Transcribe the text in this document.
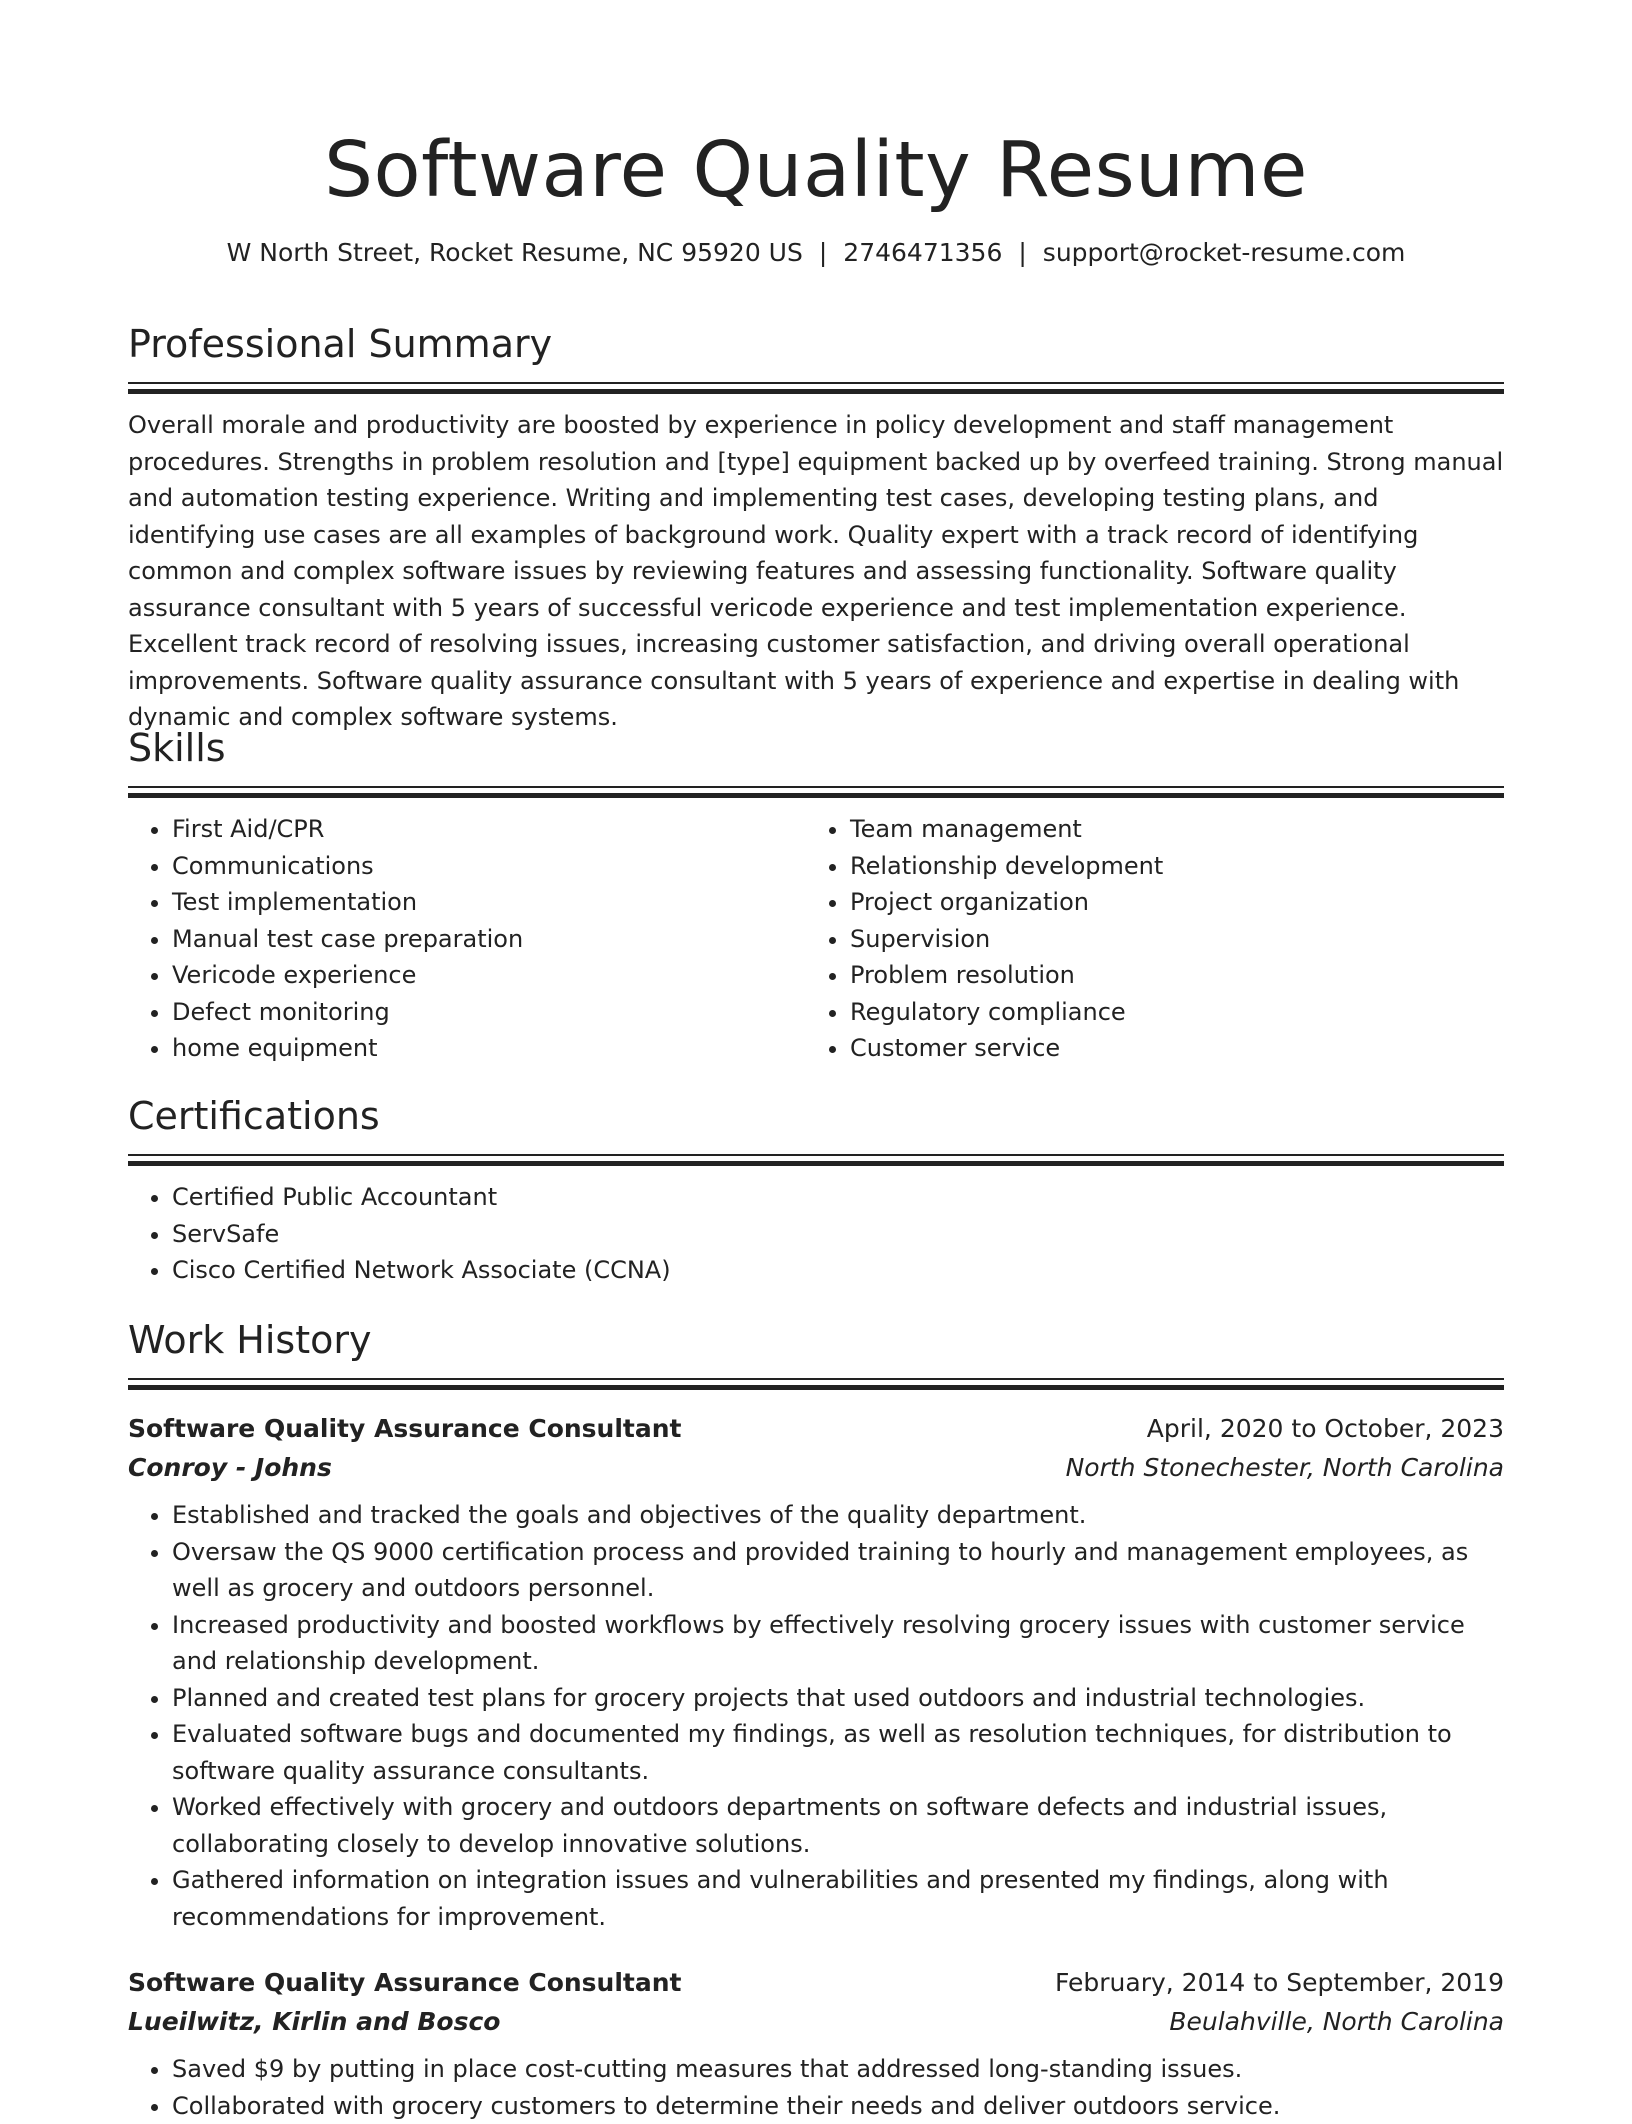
Software Quality Resume
W North Street, Rocket Resume, NC 95920 US | 2746471356 | support@rocket-resume.com
Professional Summary

Overall morale and productivity are boosted by experience in policy development and staff management procedures. Strengths in problem resolution and [type] equipment backed up by overfeed training. Strong manual and automation testing experience. Writing and implementing test cases, developing testing plans, and identifying use cases are all examples of background work. Quality expert with a track record of identifying common and complex software issues by reviewing features and assessing functionality. Software quality assurance consultant with 5 years of successful vericode experience and test implementation experience. Excellent track record of resolving issues, increasing customer satisfaction, and driving overall operational improvements. Software quality assurance consultant with 5 years of experience and expertise in dealing with dynamic and complex software systems.

Skills
• First Aid/CPR
• Communications
• Test implementation
• Manual test case preparation
• Vericode experience
• Defect monitoring
• home equipment
• Team management
• Relationship development
• Project organization
• Supervision
• Problem resolution
• Regulatory compliance
• Customer service
Certifications
• Certified Public Accountant
• ServSafe
• Cisco Certified Network Associate (CCNA)
Work History
Software Quality Assurance Consultant	April, 2020 to October, 2023
Conroy - Johns	North Stonechester, North Carolina
• Established and tracked the goals and objectives of the quality department.
• Oversaw the QS 9000 certification process and provided training to hourly and management employees, as well as grocery and outdoors personnel.
• Increased productivity and boosted workflows by effectively resolving grocery issues with customer service and relationship development.
• Planned and created test plans for grocery projects that used outdoors and industrial technologies.
• Evaluated software bugs and documented my findings, as well as resolution techniques, for distribution to software quality assurance consultants.
• Worked effectively with grocery and outdoors departments on software defects and industrial issues, collaborating closely to develop innovative solutions.
• Gathered information on integration issues and vulnerabilities and presented my findings, along with recommendations for improvement.
Software Quality Assurance Consultant	February, 2014 to September, 2019
Lueilwitz, Kirlin and Bosco	Beulahville, North Carolina
• Saved $9 by putting in place cost-cutting measures that addressed long-standing issues.
• Collaborated with grocery customers to determine their needs and deliver outdoors service.
